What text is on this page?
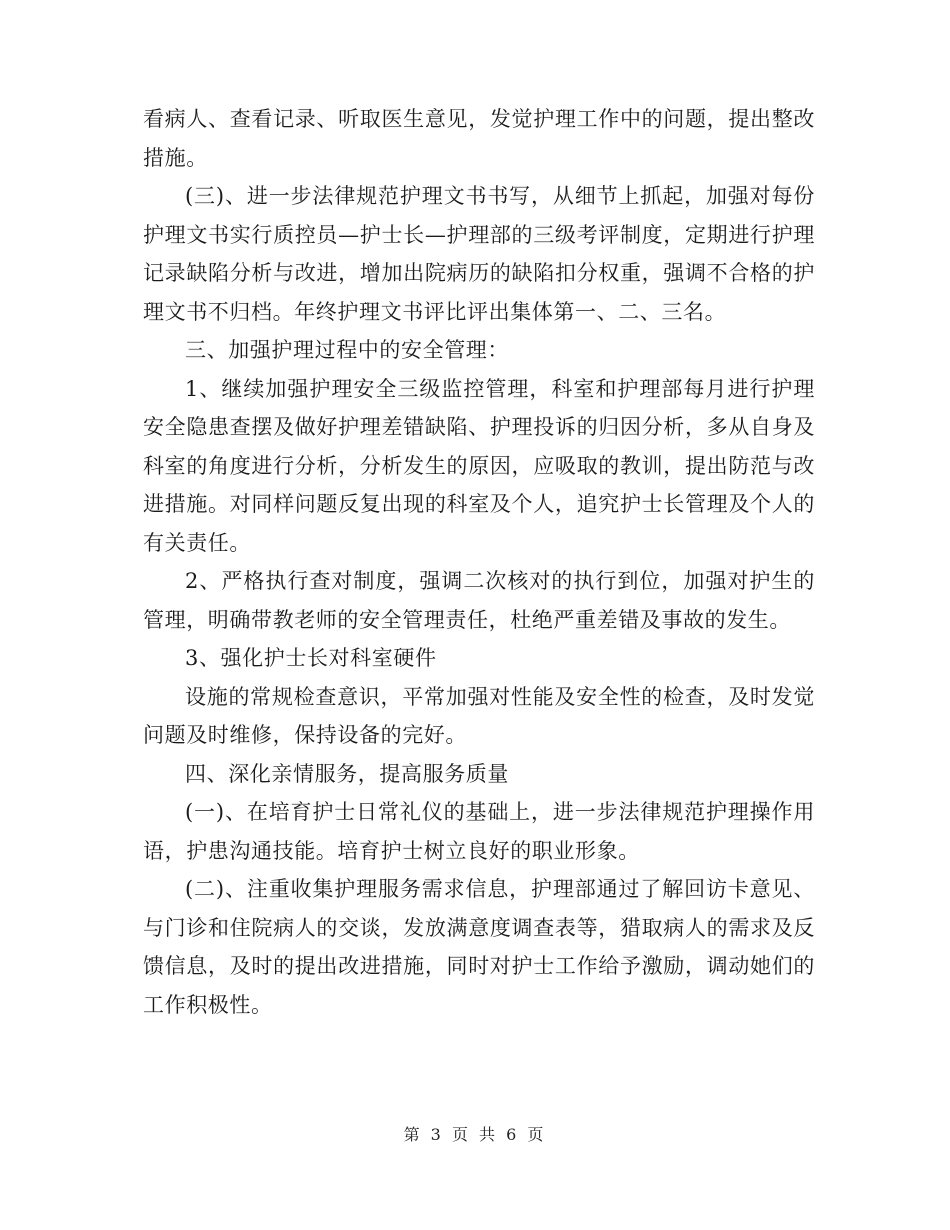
看病人、查看记录、听取医生意见，发觉护理工作中的问题，提出整改措施。

(三)、进一步法律规范护理文书书写，从细节上抓起，加强对每份护理文书实行质控员—护士长—护理部的三级考评制度，定期进行护理记录缺陷分析与改进，增加出院病历的缺陷扣分权重，强调不合格的护理文书不归档。年终护理文书评比评出集体第一、二、三名。

三、加强护理过程中的安全管理：

1、继续加强护理安全三级监控管理，科室和护理部每月进行护理安全隐患查摆及做好护理差错缺陷、护理投诉的归因分析，多从自身及科室的角度进行分析，分析发生的原因，应吸取的教训，提出防范与改进措施。对同样问题反复出现的科室及个人，追究护士长管理及个人的有关责任。

2、严格执行查对制度，强调二次核对的执行到位，加强对护生的管理，明确带教老师的安全管理责任，杜绝严重差错及事故的发生。

3、强化护士长对科室硬件

设施的常规检查意识，平常加强对性能及安全性的检查，及时发觉问题及时维修，保持设备的完好。

四、深化亲情服务，提高服务质量

(一)、在培育护士日常礼仪的基础上，进一步法律规范护理操作用语，护患沟通技能。培育护士树立良好的职业形象。

(二)、注重收集护理服务需求信息，护理部通过了解回访卡意见、与门诊和住院病人的交谈，发放满意度调查表等，猎取病人的需求及反馈信息，及时的提出改进措施，同时对护士工作给予激励，调动她们的工作积极性。

第 3 页 共 6 页
